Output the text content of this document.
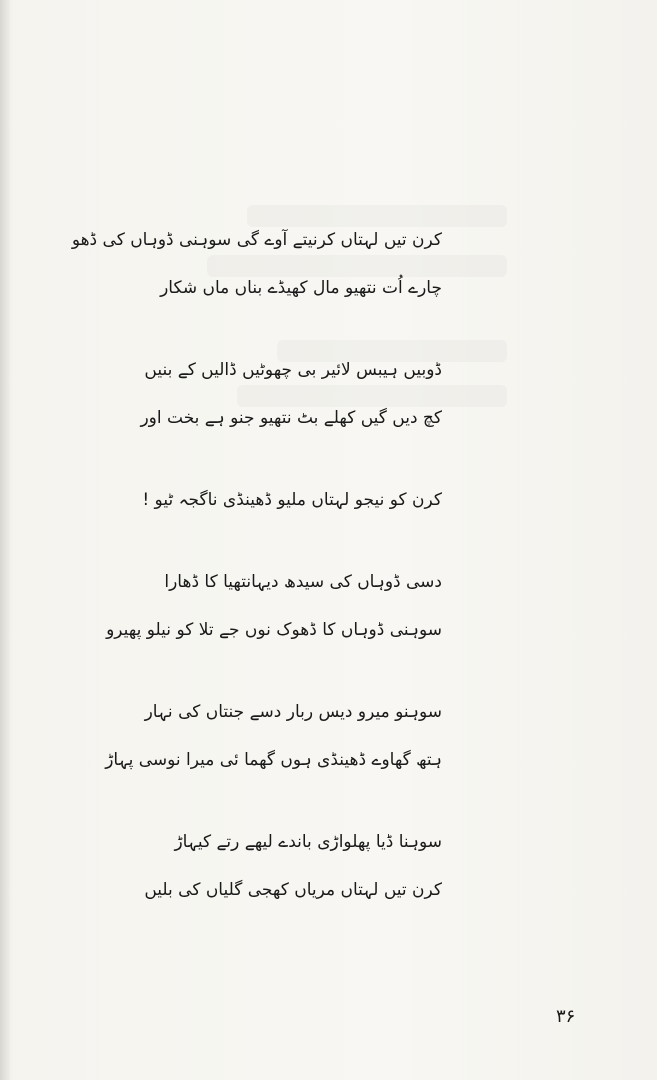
کرن تیں لہتاں کرنیتے آوے گی سوہنی ڈوہاں کی ڈھو
چارے اُت نتھیو مال کھیڈے بناں ماں شکار
ڈوبیں ہیبس لائیر بی چھوٹیں ڈالیں کے بنیں
کچ دیں گیں کھلے بٹ نتھیو جنو ہے بخت اور
کرن کو نیجو لہتاں ملیو ڈھینڈی ناگجہ ٹیو !
دسی ڈوہاں کی سیدھ دیہانتھیا کا ڈھارا
سوہنی ڈوہاں کا ڈھوک نوں جے تلا کو نیلو پھیرو
سوہنو میرو دیس ربار دسے جنتاں کی نہار
ہتھ گھاوے ڈھینڈی ہوں گھما ئی میرا نوسی پہاڑ
سوہنا ڈیا پھلواڑی باندے لیھے رتے کیہاڑ
کرن تیں لہتاں مریاں کھجی گلیاں کی بلیں
۳۶
